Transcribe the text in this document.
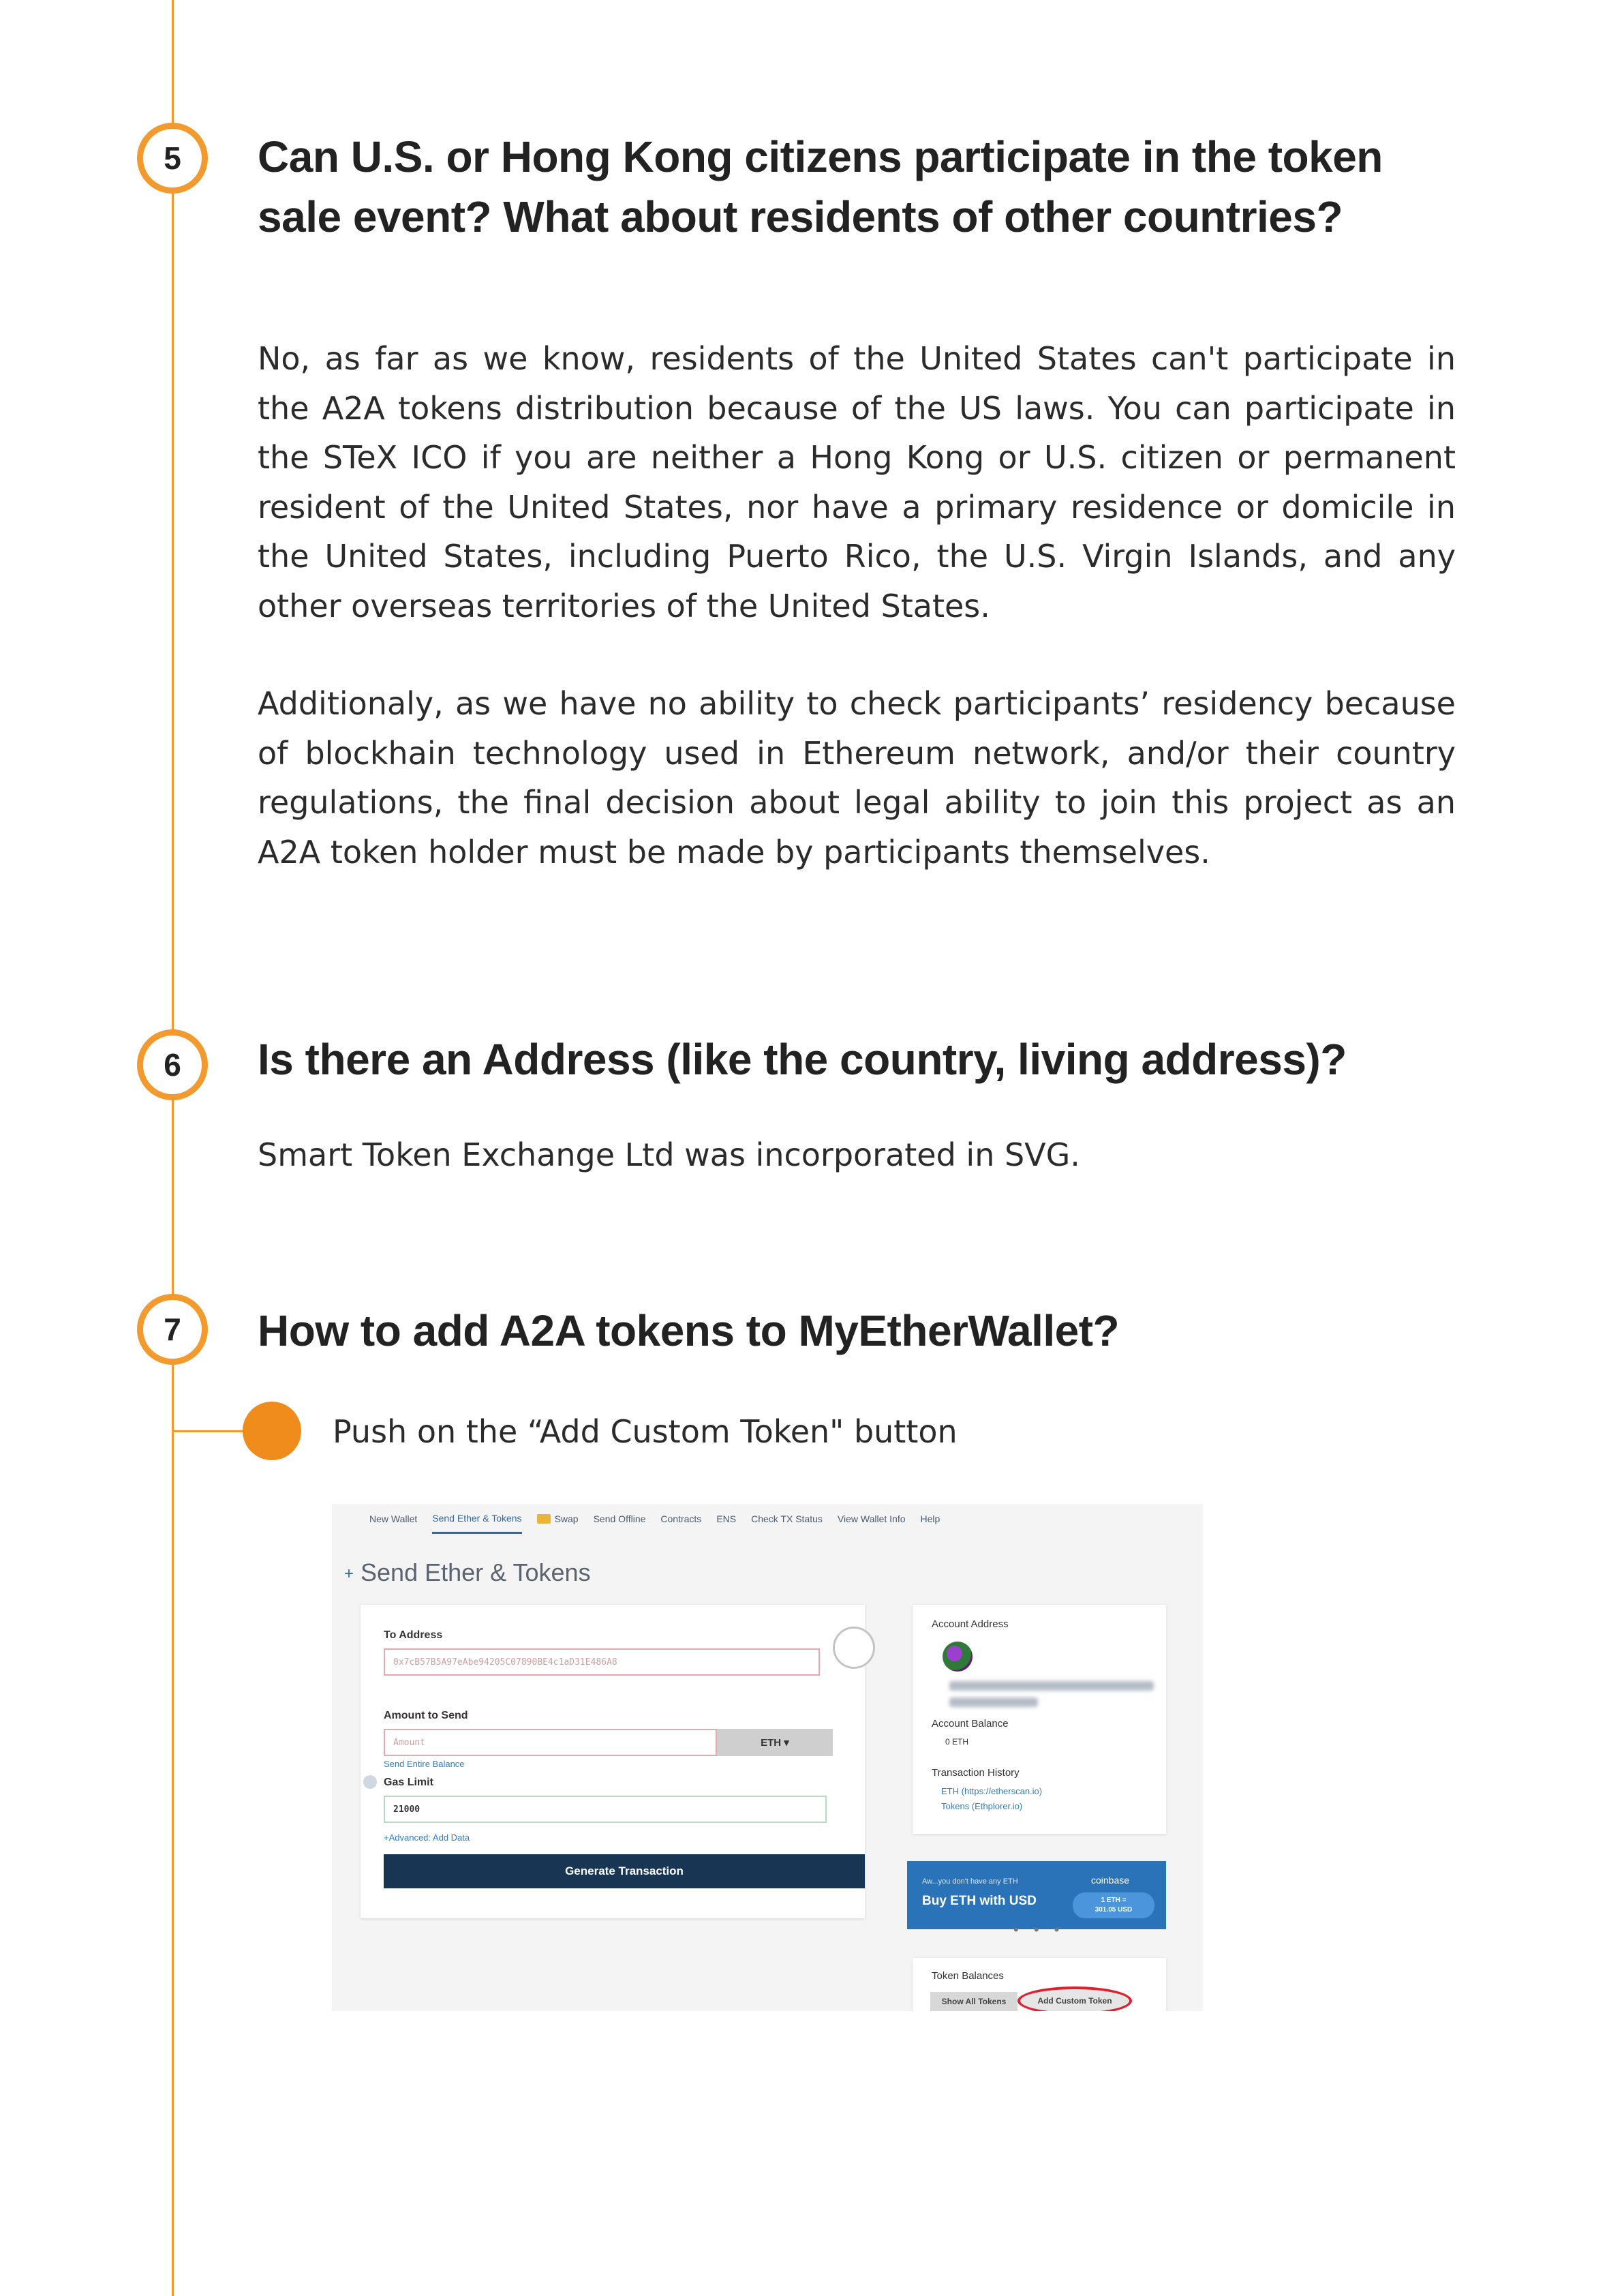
5	Can U.S. or Hong Kong citizens participate in the token
sale event? What about residents of other countries?

No, as far as we know, residents of the United States can't participate in the A2A tokens distribution because of the US laws. You can participate in the STeX ICO if you are neither a Hong Kong or U.S. citizen or permanent resident of the United States, nor have a primary residence or domicile in the United States, including Puerto Rico, the U.S. Virgin Islands, and any other overseas territories of the United States.

Additionaly, as we have no ability to check participants’ residency because of blockhain technology used in Ethereum network, and/or their country regulations, the final decision about legal ability to join this project as an A2A token holder must be made by participants themselves.

6	Is there an Address (like the country, living address)?

Smart Token Exchange Ltd was incorporated in SVG.

7	How to add A2A tokens to MyEtherWallet?
Push on the “Add Custom Token" button
New Wallet Send Ether & Tokens	Swap Send Offline Contracts ENS Check TX Status View Wallet Info Help
+ Send Ether & Tokens
To Address
0x7cB57B5A97eAbe94205C07890BE4c1aD31E486A8
Amount to Send
Amount	ETH ▾
Send Entire Balance
Gas Limit
21000
+Advanced: Add Data
Generate Transaction
Account Address
Account Balance
0 ETH
Transaction History
ETH (https://etherscan.io)
Tokens (Ethplorer.io)
Aw...you don't have any ETH
Buy ETH with USD
coinbase
1 ETH =
301.05 USD
• • •
Token Balances
Show All Tokens	Add Custom Token
